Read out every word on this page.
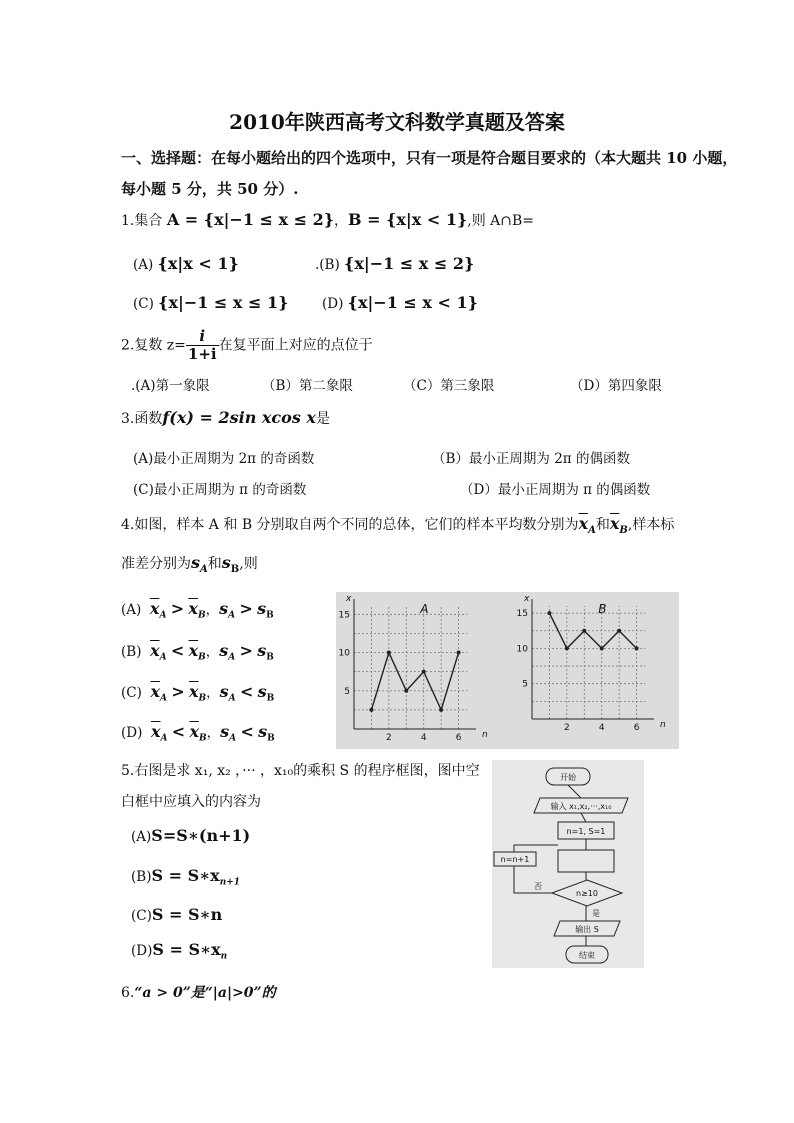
2010年陕西高考文科数学真题及答案
一、选择题：在每小题给出的四个选项中，只有一项是符合题目要求的（本大题共 10 小题，
每小题 5 分，共 50 分）.
1.集合 A = {x|−1 ≤ x ≤ 2}，B = {x|x < 1},则 A∩B=
(A) {x|x < 1}	.(B) {x|−1 ≤ x ≤ 2}
(C) {x|−1 ≤ x ≤ 1} (D) {x|−1 ≤ x < 1}
2.复数 $z= \frac{i}{1+i}$ 在复平面上对应的点位于
.(A)第一象限	（B）第二象限	（C）第三象限	（D）第四象限
3.函数f(x) = 2sin xcos x是
(A)最小正周期为 2π 的奇函数	（B）最小正周期为 2π 的偶函数
(C)最小正周期为 π 的奇函数	（D）最小正周期为 π 的偶函数
4.如图，样本 A 和 B 分别取自两个不同的总体，它们的样本平均数分别为$\overline{x}_A$和$\overline{x}_B$,样本标
准差分别为$s_A$和$s_B$,则
(A) $\overline{x}_A > \overline{x}_B$，$s_A > s_B$
(B) $\overline{x}_A < \overline{x}_B$，$s_A > s_B$
(C) $\overline{x}_A > \overline{x}_B$，$s_A < s_B$
(D) $\overline{x}_A < \overline{x}_B$，$s_A < s_B$	2	4	6
5
10
15
x
n
A
2	4	6
5
10
15
x
n
B
5.右图是求 x₁, x₂ ，··· ，x₁₀的乘积 S 的程序框图，图中空
白框中应填入的内容为
(A)S=S∗(n+1)
$(B)S = S∗x_{n+1}$
(C)S = S∗n
$(D)S = S∗x_n$
开始
输入 x₁,x₂,···,x₁₀
n=1, S=1
n≥10
输出 S
结束
n=n+1
否
是
6.“a > 0”是“|a|>0”的
